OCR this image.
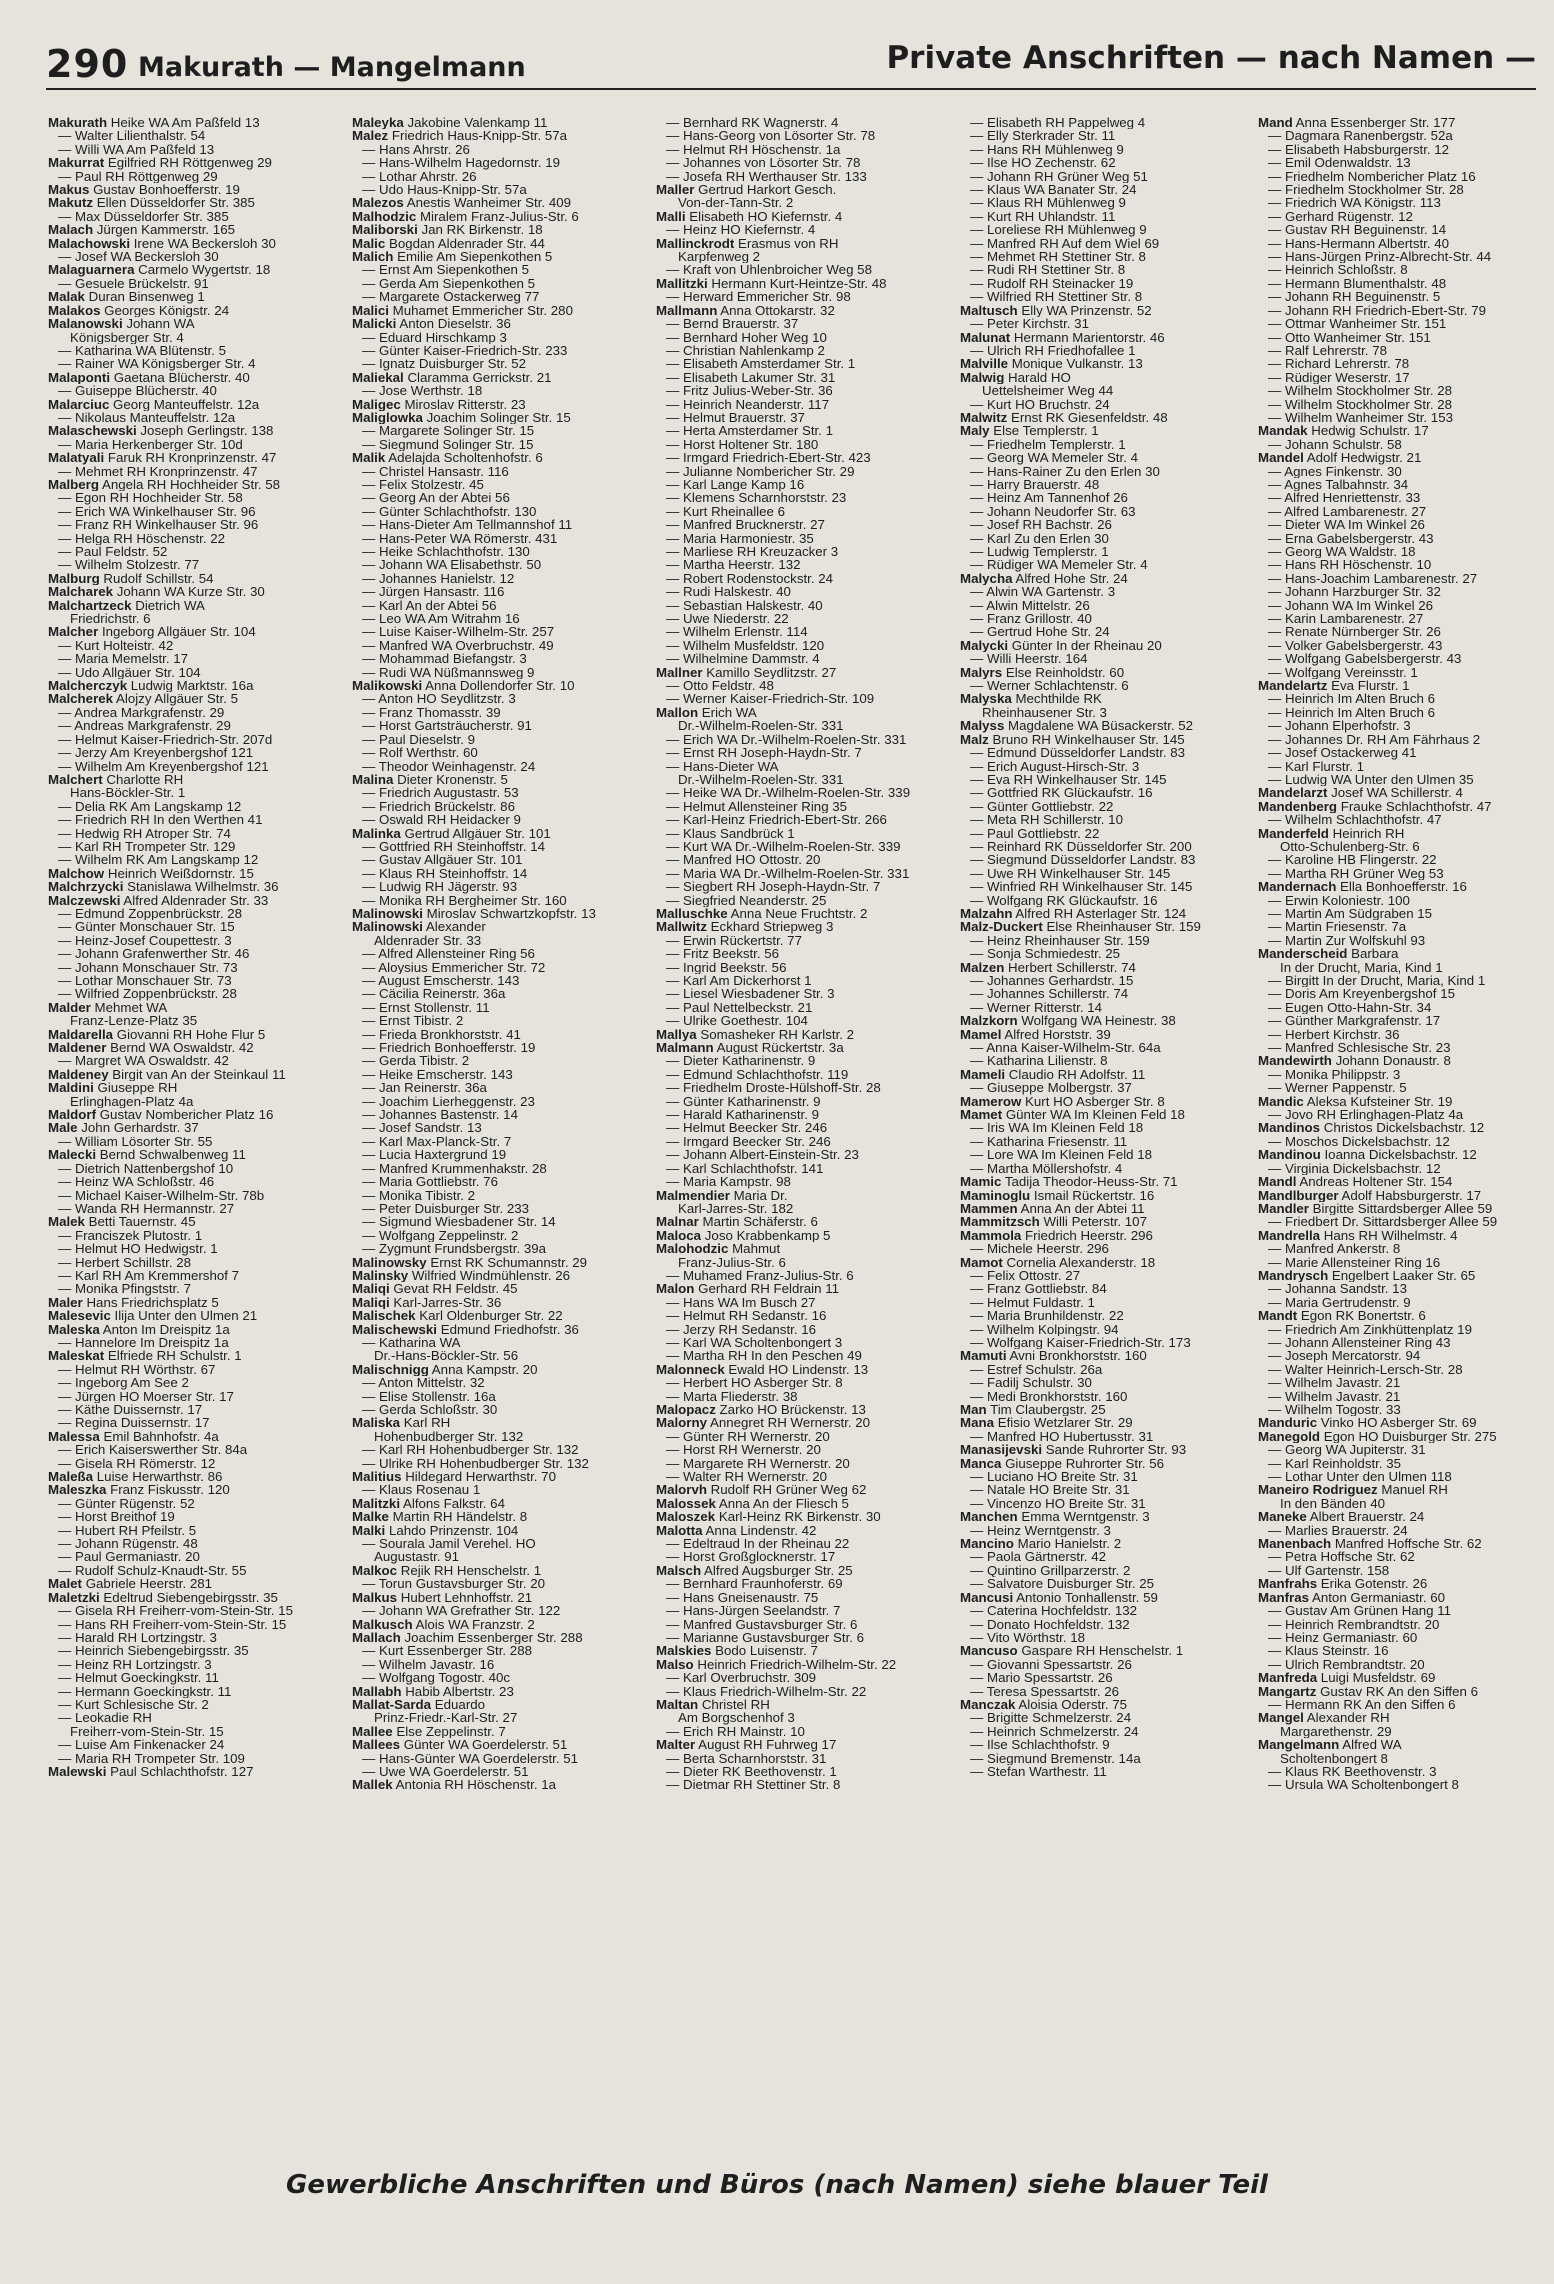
290 Makurath — Mangelmann	Private Anschriften — nach Namen —
Makurath Heike WA Am Paßfeld 13
— Walter Lilienthalstr. 54
— Willi WA Am Paßfeld 13
Makurrat Egilfried RH Röttgenweg 29
— Paul RH Röttgenweg 29
Makus Gustav Bonhoefferstr. 19
Makutz Ellen Düsseldorfer Str. 385
— Max Düsseldorfer Str. 385
Malach Jürgen Kammerstr. 165
Malachowski Irene WA Beckersloh 30
— Josef WA Beckersloh 30
Malaguarnera Carmelo Wygertstr. 18
— Gesuele Brückelstr. 91
Malak Duran Binsenweg 1
Malakos Georges Königstr. 24
Malanowski Johann WA
Königsberger Str. 4
— Katharina WA Blütenstr. 5
— Rainer WA Königsberger Str. 4
Malaponti Gaetana Blücherstr. 40
— Guiseppe Blücherstr. 40
Malarciuc Georg Manteuffelstr. 12a
— Nikolaus Manteuffelstr. 12a
Malaschewski Joseph Gerlingstr. 138
— Maria Herkenberger Str. 10d
Malatyali Faruk RH Kronprinzenstr. 47
— Mehmet RH Kronprinzenstr. 47
Malberg Angela RH Hochheider Str. 58
— Egon RH Hochheider Str. 58
— Erich WA Winkelhauser Str. 96
— Franz RH Winkelhauser Str. 96
— Helga RH Höschenstr. 22
— Paul Feldstr. 52
— Wilhelm Stolzestr. 77
Malburg Rudolf Schillstr. 54
Malcharek Johann WA Kurze Str. 30
Malchartzeck Dietrich WA
Friedrichstr. 6
Malcher Ingeborg Allgäuer Str. 104
— Kurt Holteistr. 42
— Maria Memelstr. 17
— Udo Allgäuer Str. 104
Malcherczyk Ludwig Marktstr. 16a
Malcherek Alojzy Allgäuer Str. 5
— Andrea Markgrafenstr. 29
— Andreas Markgrafenstr. 29
— Helmut Kaiser-Friedrich-Str. 207d
— Jerzy Am Kreyenbergshof 121
— Wilhelm Am Kreyenbergshof 121
Malchert Charlotte RH
Hans-Böckler-Str. 1
— Delia RK Am Langskamp 12
— Friedrich RH In den Werthen 41
— Hedwig RH Atroper Str. 74
— Karl RH Trompeter Str. 129
— Wilhelm RK Am Langskamp 12
Malchow Heinrich Weißdornstr. 15
Malchrzycki Stanislawa Wilhelmstr. 36
Malczewski Alfred Aldenrader Str. 33
— Edmund Zoppenbrückstr. 28
— Günter Monschauer Str. 15
— Heinz-Josef Coupettestr. 3
— Johann Grafenwerther Str. 46
— Johann Monschauer Str. 73
— Lothar Monschauer Str. 73
— Wilfried Zoppenbrückstr. 28
Malder Mehmet WA
Franz-Lenze-Platz 35
Maldarella Giovanni RH Hohe Flur 5
Maldener Bernd WA Oswaldstr. 42
— Margret WA Oswaldstr. 42
Maldeney Birgit van An der Steinkaul 11
Maldini Giuseppe RH
Erlinghagen-Platz 4a
Maldorf Gustav Nombericher Platz 16
Male John Gerhardstr. 37
— William Lösorter Str. 55
Malecki Bernd Schwalbenweg 11
— Dietrich Nattenbergshof 10
— Heinz WA Schloßstr. 46
— Michael Kaiser-Wilhelm-Str. 78b
— Wanda RH Hermannstr. 27
Malek Betti Tauernstr. 45
— Franciszek Plutostr. 1
— Helmut HO Hedwigstr. 1
— Herbert Schillstr. 28
— Karl RH Am Kremmershof 7
— Monika Pfingststr. 7
Maler Hans Friedrichsplatz 5
Malesevic Ilija Unter den Ulmen 21
Maleska Anton Im Dreispitz 1a
— Hannelore Im Dreispitz 1a
Maleskat Elfriede RH Schulstr. 1
— Helmut RH Wörthstr. 67
— Ingeborg Am See 2
— Jürgen HO Moerser Str. 17
— Käthe Duissernstr. 17
— Regina Duissernstr. 17
Malessa Emil Bahnhofstr. 4a
— Erich Kaiserswerther Str. 84a
— Gisela RH Römerstr. 12
Maleßa Luise Herwarthstr. 86
Maleszka Franz Fiskusstr. 120
— Günter Rügenstr. 52
— Horst Breithof 19
— Hubert RH Pfeilstr. 5
— Johann Rügenstr. 48
— Paul Germaniastr. 20
— Rudolf Schulz-Knaudt-Str. 55
Malet Gabriele Heerstr. 281
Maletzki Edeltrud Siebengebirgsstr. 35
— Gisela RH Freiherr-vom-Stein-Str. 15
— Hans RH Freiherr-vom-Stein-Str. 15
— Harald RH Lortzingstr. 3
— Heinrich Siebengebirgsstr. 35
— Heinz RH Lortzingstr. 3
— Helmut Goeckingkstr. 11
— Hermann Goeckingkstr. 11
— Kurt Schlesische Str. 2
— Leokadie RH
Freiherr-vom-Stein-Str. 15
— Luise Am Finkenacker 24
— Maria RH Trompeter Str. 109
Malewski Paul Schlachthofstr. 127
Maleyka Jakobine Valenkamp 11
Malez Friedrich Haus-Knipp-Str. 57a
— Hans Ahrstr. 26
— Hans-Wilhelm Hagedornstr. 19
— Lothar Ahrstr. 26
— Udo Haus-Knipp-Str. 57a
Malezos Anestis Wanheimer Str. 409
Malhodzic Miralem Franz-Julius-Str. 6
Maliborski Jan RK Birkenstr. 18
Malic Bogdan Aldenrader Str. 44
Malich Emilie Am Siepenkothen 5
— Ernst Am Siepenkothen 5
— Gerda Am Siepenkothen 5
— Margarete Ostackerweg 77
Malici Muhamet Emmericher Str. 280
Malicki Anton Dieselstr. 36
— Eduard Hirschkamp 3
— Günter Kaiser-Friedrich-Str. 233
— Ignatz Duisburger Str. 52
Maliekal Claramma Gerrickstr. 21
— Jose Werthstr. 18
Maligec Miroslav Ritterstr. 23
Maliglowka Joachim Solinger Str. 15
— Margarete Solinger Str. 15
— Siegmund Solinger Str. 15
Malik Adelajda Scholtenhofstr. 6
— Christel Hansastr. 116
— Felix Stolzestr. 45
— Georg An der Abtei 56
— Günter Schlachthofstr. 130
— Hans-Dieter Am Tellmannshof 11
— Hans-Peter WA Römerstr. 431
— Heike Schlachthofstr. 130
— Johann WA Elisabethstr. 50
— Johannes Hanielstr. 12
— Jürgen Hansastr. 116
— Karl An der Abtei 56
— Leo WA Am Witrahm 16
— Luise Kaiser-Wilhelm-Str. 257
— Manfred WA Overbruchstr. 49
— Mohammad Biefangstr. 3
— Rudi WA Nüßmannsweg 9
Malikowski Anna Dollendorfer Str. 10
— Anton HO Seydlitzstr. 3
— Franz Thomasstr. 39
— Horst Gartsträucherstr. 91
— Paul Dieselstr. 9
— Rolf Werthstr. 60
— Theodor Weinhagenstr. 24
Malina Dieter Kronenstr. 5
— Friedrich Augustastr. 53
— Friedrich Brückelstr. 86
— Oswald RH Heidacker 9
Malinka Gertrud Allgäuer Str. 101
— Gottfried RH Steinhoffstr. 14
— Gustav Allgäuer Str. 101
— Klaus RH Steinhoffstr. 14
— Ludwig RH Jägerstr. 93
— Monika RH Bergheimer Str. 160
Malinowski Miroslav Schwartzkopfstr. 13
Malinowski Alexander
Aldenrader Str. 33
— Alfred Allensteiner Ring 56
— Aloysius Emmericher Str. 72
— August Emscherstr. 143
— Cäcilia Reinerstr. 36a
— Ernst Stollenstr. 11
— Ernst Tibistr. 2
— Frieda Bronkhorststr. 41
— Friedrich Bonhoefferstr. 19
— Gerda Tibistr. 2
— Heike Emscherstr. 143
— Jan Reinerstr. 36a
— Joachim Lierheggenstr. 23
— Johannes Bastenstr. 14
— Josef Sandstr. 13
— Karl Max-Planck-Str. 7
— Lucia Haxtergrund 19
— Manfred Krummenhakstr. 28
— Maria Gottliebstr. 76
— Monika Tibistr. 2
— Peter Duisburger Str. 233
— Sigmund Wiesbadener Str. 14
— Wolfgang Zeppelinstr. 2
— Zygmunt Frundsbergstr. 39a
Malinowsky Ernst RK Schumannstr. 29
Malinsky Wilfried Windmühlenstr. 26
Maliqi Gevat RH Feldstr. 45
Maliqi Karl-Jarres-Str. 36
Malischek Karl Oldenburger Str. 22
Malischewski Edmund Friedhofstr. 36
— Katharina WA
Dr.-Hans-Böckler-Str. 56
Malischnigg Anna Kampstr. 20
— Anton Mittelstr. 32
— Elise Stollenstr. 16a
— Gerda Schloßstr. 30
Maliska Karl RH
Hohenbudberger Str. 132
— Karl RH Hohenbudberger Str. 132
— Ulrike RH Hohenbudberger Str. 132
Malitius Hildegard Herwarthstr. 70
— Klaus Rosenau 1
Malitzki Alfons Falkstr. 64
Malke Martin RH Händelstr. 8
Malki Lahdo Prinzenstr. 104
— Sourala Jamil Verehel. HO
Augustastr. 91
Malkoc Rejik RH Henschelstr. 1
— Torun Gustavsburger Str. 20
Malkus Hubert Lehnhoffstr. 21
— Johann WA Grefrather Str. 122
Malkusch Alois WA Franzstr. 2
Mallach Joachim Essenberger Str. 288
— Kurt Essenberger Str. 288
— Wilhelm Javastr. 16
— Wolfgang Togostr. 40c
Mallabh Habib Albertstr. 23
Mallat-Sarda Eduardo
Prinz-Friedr.-Karl-Str. 27
Mallee Else Zeppelinstr. 7
Mallees Günter WA Goerdelerstr. 51
— Hans-Günter WA Goerdelerstr. 51
— Uwe WA Goerdelerstr. 51
Mallek Antonia RH Höschenstr. 1a
— Bernhard RK Wagnerstr. 4
— Hans-Georg von Lösorter Str. 78
— Helmut RH Höschenstr. 1a
— Johannes von Lösorter Str. 78
— Josefa RH Werthauser Str. 133
Maller Gertrud Harkort Gesch.
Von-der-Tann-Str. 2
Malli Elisabeth HO Kiefernstr. 4
— Heinz HO Kiefernstr. 4
Mallinckrodt Erasmus von RH
Karpfenweg 2
— Kraft von Uhlenbroicher Weg 58
Mallitzki Hermann Kurt-Heintze-Str. 48
— Herward Emmericher Str. 98
Mallmann Anna Ottokarstr. 32
— Bernd Brauerstr. 37
— Bernhard Hoher Weg 10
— Christian Nahlenkamp 2
— Elisabeth Amsterdamer Str. 1
— Elisabeth Lakumer Str. 31
— Fritz Julius-Weber-Str. 36
— Heinrich Neanderstr. 117
— Helmut Brauerstr. 37
— Herta Amsterdamer Str. 1
— Horst Holtener Str. 180
— Irmgard Friedrich-Ebert-Str. 423
— Julianne Nombericher Str. 29
— Karl Lange Kamp 16
— Klemens Scharnhorststr. 23
— Kurt Rheinallee 6
— Manfred Brucknerstr. 27
— Maria Harmoniestr. 35
— Marliese RH Kreuzacker 3
— Martha Heerstr. 132
— Robert Rodenstockstr. 24
— Rudi Halskestr. 40
— Sebastian Halskestr. 40
— Uwe Niederstr. 22
— Wilhelm Erlenstr. 114
— Wilhelm Musfeldstr. 120
— Wilhelmine Dammstr. 4
Mallner Kamillo Seydlitzstr. 27
— Otto Feldstr. 48
— Werner Kaiser-Friedrich-Str. 109
Mallon Erich WA
Dr.-Wilhelm-Roelen-Str. 331
— Erich WA Dr.-Wilhelm-Roelen-Str. 331
— Ernst RH Joseph-Haydn-Str. 7
— Hans-Dieter WA
Dr.-Wilhelm-Roelen-Str. 331
— Heike WA Dr.-Wilhelm-Roelen-Str. 339
— Helmut Allensteiner Ring 35
— Karl-Heinz Friedrich-Ebert-Str. 266
— Klaus Sandbrück 1
— Kurt WA Dr.-Wilhelm-Roelen-Str. 339
— Manfred HO Ottostr. 20
— Maria WA Dr.-Wilhelm-Roelen-Str. 331
— Siegbert RH Joseph-Haydn-Str. 7
— Siegfried Neanderstr. 25
Malluschke Anna Neue Fruchtstr. 2
Mallwitz Eckhard Striepweg 3
— Erwin Rückertstr. 77
— Fritz Beekstr. 56
— Ingrid Beekstr. 56
— Karl Am Dickerhorst 1
— Liesel Wiesbadener Str. 3
— Paul Nettelbeckstr. 21
— Ulrike Goethestr. 104
Mallya Somasheker RH Karlstr. 2
Malmann August Rückertstr. 3a
— Dieter Katharinenstr. 9
— Edmund Schlachthofstr. 119
— Friedhelm Droste-Hülshoff-Str. 28
— Günter Katharinenstr. 9
— Harald Katharinenstr. 9
— Helmut Beecker Str. 246
— Irmgard Beecker Str. 246
— Johann Albert-Einstein-Str. 23
— Karl Schlachthofstr. 141
— Maria Kampstr. 98
Malmendier Maria Dr.
Karl-Jarres-Str. 182
Malnar Martin Schäferstr. 6
Maloca Joso Krabbenkamp 5
Malohodzic Mahmut
Franz-Julius-Str. 6
— Muhamed Franz-Julius-Str. 6
Malon Gerhard RH Feldrain 11
— Hans WA Im Busch 27
— Helmut RH Sedanstr. 16
— Jerzy RH Sedanstr. 16
— Karl WA Scholtenbongert 3
— Martha RH In den Peschen 49
Malonneck Ewald HO Lindenstr. 13
— Herbert HO Asberger Str. 8
— Marta Fliederstr. 38
Malopacz Zarko HO Brückenstr. 13
Malorny Annegret RH Wernerstr. 20
— Günter RH Wernerstr. 20
— Horst RH Wernerstr. 20
— Margarete RH Wernerstr. 20
— Walter RH Wernerstr. 20
Malorvh Rudolf RH Grüner Weg 62
Malossek Anna An der Fliesch 5
Maloszek Karl-Heinz RK Birkenstr. 30
Malotta Anna Lindenstr. 42
— Edeltraud In der Rheinau 22
— Horst Großglocknerstr. 17
Malsch Alfred Augsburger Str. 25
— Bernhard Fraunhoferstr. 69
— Hans Gneisenaustr. 75
— Hans-Jürgen Seelandstr. 7
— Manfred Gustavsburger Str. 6
— Marianne Gustavsburger Str. 6
Malskies Bodo Luisenstr. 7
Malso Heinrich Friedrich-Wilhelm-Str. 22
— Karl Overbruchstr. 309
— Klaus Friedrich-Wilhelm-Str. 22
Maltan Christel RH
Am Borgschenhof 3
— Erich RH Mainstr. 10
Malter August RH Fuhrweg 17
— Berta Scharnhorststr. 31
— Dieter RK Beethovenstr. 1
— Dietmar RH Stettiner Str. 8
— Elisabeth RH Pappelweg 4
— Elly Sterkrader Str. 11
— Hans RH Mühlenweg 9
— Ilse HO Zechenstr. 62
— Johann RH Grüner Weg 51
— Klaus WA Banater Str. 24
— Klaus RH Mühlenweg 9
— Kurt RH Uhlandstr. 11
— Loreliese RH Mühlenweg 9
— Manfred RH Auf dem Wiel 69
— Mehmet RH Stettiner Str. 8
— Rudi RH Stettiner Str. 8
— Rudolf RH Steinacker 19
— Wilfried RH Stettiner Str. 8
Maltusch Elly WA Prinzenstr. 52
— Peter Kirchstr. 31
Malunat Hermann Marientorstr. 46
— Ulrich RH Friedhofallee 1
Malville Monique Vulkanstr. 13
Malwig Harald HO
Uettelsheimer Weg 44
— Kurt HO Bruchstr. 24
Malwitz Ernst RK Giesenfeldstr. 48
Maly Else Templerstr. 1
— Friedhelm Templerstr. 1
— Georg WA Memeler Str. 4
— Hans-Rainer Zu den Erlen 30
— Harry Brauerstr. 48
— Heinz Am Tannenhof 26
— Johann Neudorfer Str. 63
— Josef RH Bachstr. 26
— Karl Zu den Erlen 30
— Ludwig Templerstr. 1
— Rüdiger WA Memeler Str. 4
Malycha Alfred Hohe Str. 24
— Alwin WA Gartenstr. 3
— Alwin Mittelstr. 26
— Franz Grillostr. 40
— Gertrud Hohe Str. 24
Malycki Günter In der Rheinau 20
— Willi Heerstr. 164
Malyrs Else Reinholdstr. 60
— Werner Schlachtenstr. 6
Malyska Mechthilde RK
Rheinhausener Str. 3
Malyss Magdalene WA Büsackerstr. 52
Malz Bruno RH Winkelhauser Str. 145
— Edmund Düsseldorfer Landstr. 83
— Erich August-Hirsch-Str. 3
— Eva RH Winkelhauser Str. 145
— Gottfried RK Glückaufstr. 16
— Günter Gottliebstr. 22
— Meta RH Schillerstr. 10
— Paul Gottliebstr. 22
— Reinhard RK Düsseldorfer Str. 200
— Siegmund Düsseldorfer Landstr. 83
— Uwe RH Winkelhauser Str. 145
— Winfried RH Winkelhauser Str. 145
— Wolfgang RK Glückaufstr. 16
Malzahn Alfred RH Asterlager Str. 124
Malz-Duckert Else Rheinhauser Str. 159
— Heinz Rheinhauser Str. 159
— Sonja Schmiedestr. 25
Malzen Herbert Schillerstr. 74
— Johannes Gerhardstr. 15
— Johannes Schillerstr. 74
— Werner Ritterstr. 14
Malzkorn Wolfgang WA Heinestr. 38
Mamel Alfred Horststr. 39
— Anna Kaiser-Wilhelm-Str. 64a
— Katharina Lilienstr. 8
Mameli Claudio RH Adolfstr. 11
— Giuseppe Molbergstr. 37
Mamerow Kurt HO Asberger Str. 8
Mamet Günter WA Im Kleinen Feld 18
— Iris WA Im Kleinen Feld 18
— Katharina Friesenstr. 11
— Lore WA Im Kleinen Feld 18
— Martha Möllershofstr. 4
Mamic Tadija Theodor-Heuss-Str. 71
Maminoglu Ismail Rückertstr. 16
Mammen Anna An der Abtei 11
Mammitzsch Willi Peterstr. 107
Mammola Friedrich Heerstr. 296
— Michele Heerstr. 296
Mamot Cornelia Alexanderstr. 18
— Felix Ottostr. 27
— Franz Gottliebstr. 84
— Helmut Fuldastr. 1
— Maria Brunhildenstr. 22
— Wilhelm Kolpingstr. 94
— Wolfgang Kaiser-Friedrich-Str. 173
Mamuti Avni Bronkhorststr. 160
— Estref Schulstr. 26a
— Fadilj Schulstr. 30
— Medi Bronkhorststr. 160
Man Tim Claubergstr. 25
Mana Efisio Wetzlarer Str. 29
— Manfred HO Hubertusstr. 31
Manasijevski Sande Ruhrorter Str. 93
Manca Giuseppe Ruhrorter Str. 56
— Luciano HO Breite Str. 31
— Natale HO Breite Str. 31
— Vincenzo HO Breite Str. 31
Manchen Emma Werntgenstr. 3
— Heinz Werntgenstr. 3
Mancino Mario Hanielstr. 2
— Paola Gärtnerstr. 42
— Quintino Grillparzerstr. 2
— Salvatore Duisburger Str. 25
Mancusi Antonio Tonhallenstr. 59
— Caterina Hochfeldstr. 132
— Donato Hochfeldstr. 132
— Vito Wörthstr. 18
Mancuso Gaspare RH Henschelstr. 1
— Giovanni Spessartstr. 26
— Mario Spessartstr. 26
— Teresa Spessartstr. 26
Manczak Aloisia Oderstr. 75
— Brigitte Schmelzerstr. 24
— Heinrich Schmelzerstr. 24
— Ilse Schlachthofstr. 9
— Siegmund Bremenstr. 14a
— Stefan Warthestr. 11
Mand Anna Essenberger Str. 177
— Dagmara Ranenbergstr. 52a
— Elisabeth Habsburgerstr. 12
— Emil Odenwaldstr. 13
— Friedhelm Nombericher Platz 16
— Friedhelm Stockholmer Str. 28
— Friedrich WA Königstr. 113
— Gerhard Rügenstr. 12
— Gustav RH Beguinenstr. 14
— Hans-Hermann Albertstr. 40
— Hans-Jürgen Prinz-Albrecht-Str. 44
— Heinrich Schloßstr. 8
— Hermann Blumenthalstr. 48
— Johann RH Beguinenstr. 5
— Johann RH Friedrich-Ebert-Str. 79
— Ottmar Wanheimer Str. 151
— Otto Wanheimer Str. 151
— Ralf Lehrerstr. 78
— Richard Lehrerstr. 78
— Rüdiger Weserstr. 17
— Wilhelm Stockholmer Str. 28
— Wilhelm Stockholmer Str. 28
— Wilhelm Wanheimer Str. 153
Mandak Hedwig Schulstr. 17
— Johann Schulstr. 58
Mandel Adolf Hedwigstr. 21
— Agnes Finkenstr. 30
— Agnes Talbahnstr. 34
— Alfred Henriettenstr. 33
— Alfred Lambarenestr. 27
— Dieter WA Im Winkel 26
— Erna Gabelsbergerstr. 43
— Georg WA Waldstr. 18
— Hans RH Höschenstr. 10
— Hans-Joachim Lambarenestr. 27
— Johann Harzburger Str. 32
— Johann WA Im Winkel 26
— Karin Lambarenestr. 27
— Renate Nürnberger Str. 26
— Volker Gabelsbergerstr. 43
— Wolfgang Gabelsbergerstr. 43
— Wolfgang Vereinsstr. 1
Mandelartz Eva Flurstr. 1
— Heinrich Im Alten Bruch 6
— Heinrich Im Alten Bruch 6
— Johann Elperhofstr. 3
— Johannes Dr. RH Am Fährhaus 2
— Josef Ostackerweg 41
— Karl Flurstr. 1
— Ludwig WA Unter den Ulmen 35
Mandelarzt Josef WA Schillerstr. 4
Mandenberg Frauke Schlachthofstr. 47
— Wilhelm Schlachthofstr. 47
Manderfeld Heinrich RH
Otto-Schulenberg-Str. 6
— Karoline HB Flingerstr. 22
— Martha RH Grüner Weg 53
Mandernach Ella Bonhoefferstr. 16
— Erwin Koloniestr. 100
— Martin Am Südgraben 15
— Martin Friesenstr. 7a
— Martin Zur Wolfskuhl 93
Manderscheid Barbara
In der Drucht, Maria, Kind 1
— Birgitt In der Drucht, Maria, Kind 1
— Doris Am Kreyenbergshof 15
— Eugen Otto-Hahn-Str. 34
— Günther Markgrafenstr. 17
— Herbert Kirchstr. 36
— Manfred Schlesische Str. 23
Mandewirth Johann Donaustr. 8
— Monika Philippstr. 3
— Werner Pappenstr. 5
Mandic Aleksa Kufsteiner Str. 19
— Jovo RH Erlinghagen-Platz 4a
Mandinos Christos Dickelsbachstr. 12
— Moschos Dickelsbachstr. 12
Mandinou Ioanna Dickelsbachstr. 12
— Virginia Dickelsbachstr. 12
Mandl Andreas Holtener Str. 154
Mandlburger Adolf Habsburgerstr. 17
Mandler Birgitte Sittardsberger Allee 59
— Friedbert Dr. Sittardsberger Allee 59
Mandrella Hans RH Wilhelmstr. 4
— Manfred Ankerstr. 8
— Marie Allensteiner Ring 16
Mandrysch Engelbert Laaker Str. 65
— Johanna Sandstr. 13
— Maria Gertrudenstr. 9
Mandt Egon RK Bonertstr. 6
— Friedrich Am Zinkhüttenplatz 19
— Johann Allensteiner Ring 43
— Joseph Mercatorstr. 94
— Walter Heinrich-Lersch-Str. 28
— Wilhelm Javastr. 21
— Wilhelm Javastr. 21
— Wilhelm Togostr. 33
Manduric Vinko HO Asberger Str. 69
Manegold Egon HO Duisburger Str. 275
— Georg WA Jupiterstr. 31
— Karl Reinholdstr. 35
— Lothar Unter den Ulmen 118
Maneiro Rodriguez Manuel RH
In den Bänden 40
Maneke Albert Brauerstr. 24
— Marlies Brauerstr. 24
Manenbach Manfred Hoffsche Str. 62
— Petra Hoffsche Str. 62
— Ulf Gartenstr. 158
Manfrahs Erika Gotenstr. 26
Manfras Anton Germaniastr. 60
— Gustav Am Grünen Hang 11
— Heinrich Rembrandtstr. 20
— Heinz Germaniastr. 60
— Klaus Steinstr. 16
— Ulrich Rembrandtstr. 20
Manfreda Luigi Musfeldstr. 69
Mangartz Gustav RK An den Siffen 6
— Hermann RK An den Siffen 6
Mangel Alexander RH
Margarethenstr. 29
Mangelmann Alfred WA
Scholtenbongert 8
— Klaus RK Beethovenstr. 3
— Ursula WA Scholtenbongert 8
Gewerbliche Anschriften und Büros (nach Namen) siehe blauer Teil
